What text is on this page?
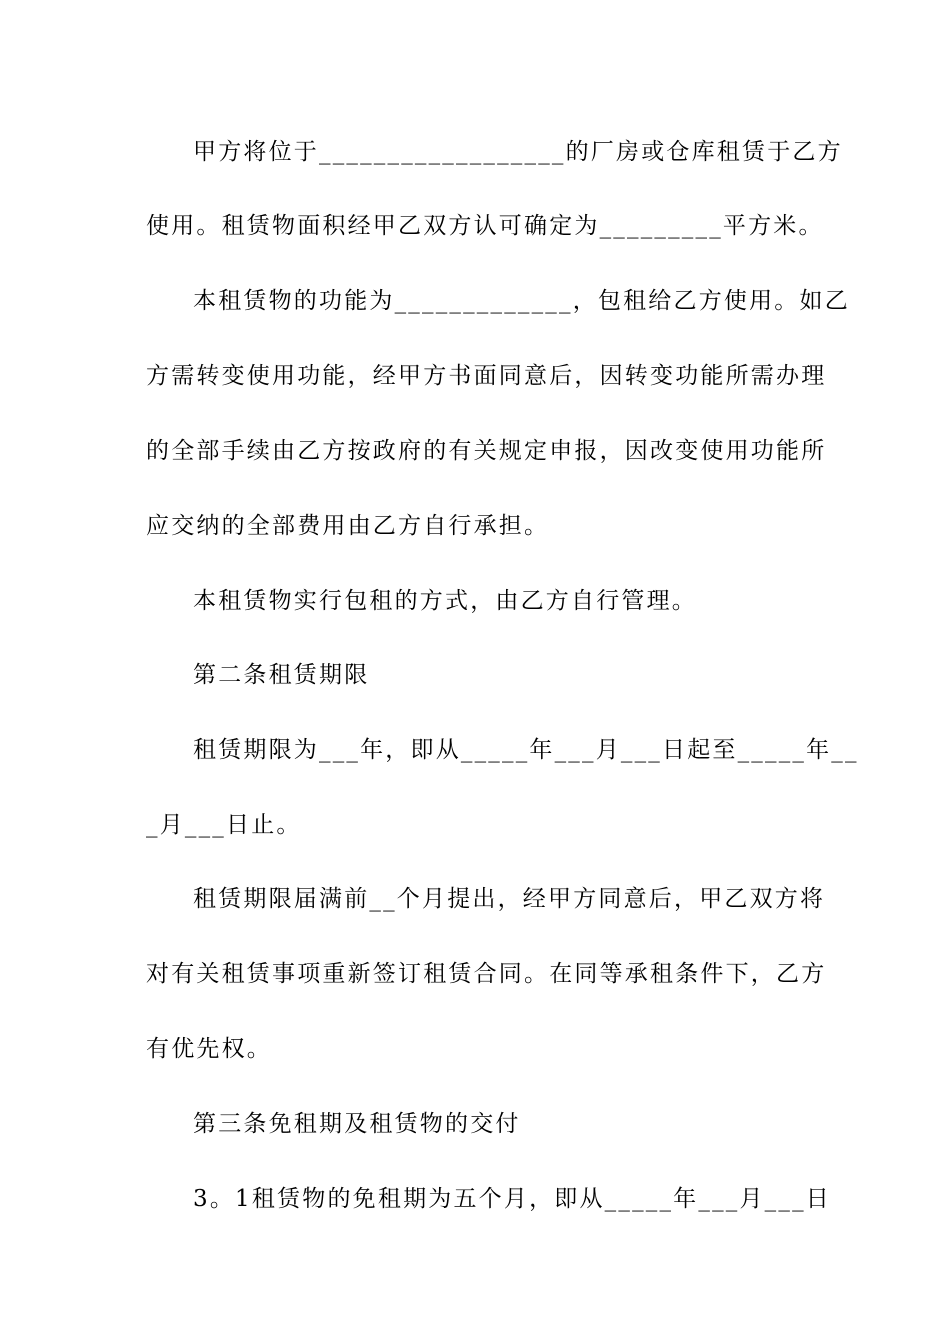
甲方将位于__________________的厂房或仓库租赁于乙方
使用。租赁物面积经甲乙双方认可确定为_________平方米。
本租赁物的功能为_____________，包租给乙方使用。如乙
方需转变使用功能，经甲方书面同意后，因转变功能所需办理
的全部手续由乙方按政府的有关规定申报，因改变使用功能所
应交纳的全部费用由乙方自行承担。
本租赁物实行包租的方式，由乙方自行管理。
第二条租赁期限
租赁期限为___年，即从_____年___月___日起至_____年__
_月___日止。
租赁期限届满前__个月提出，经甲方同意后，甲乙双方将
对有关租赁事项重新签订租赁合同。在同等承租条件下，乙方
有优先权。
第三条免租期及租赁物的交付
3。1租赁物的免租期为五个月，即从_____年___月___日
